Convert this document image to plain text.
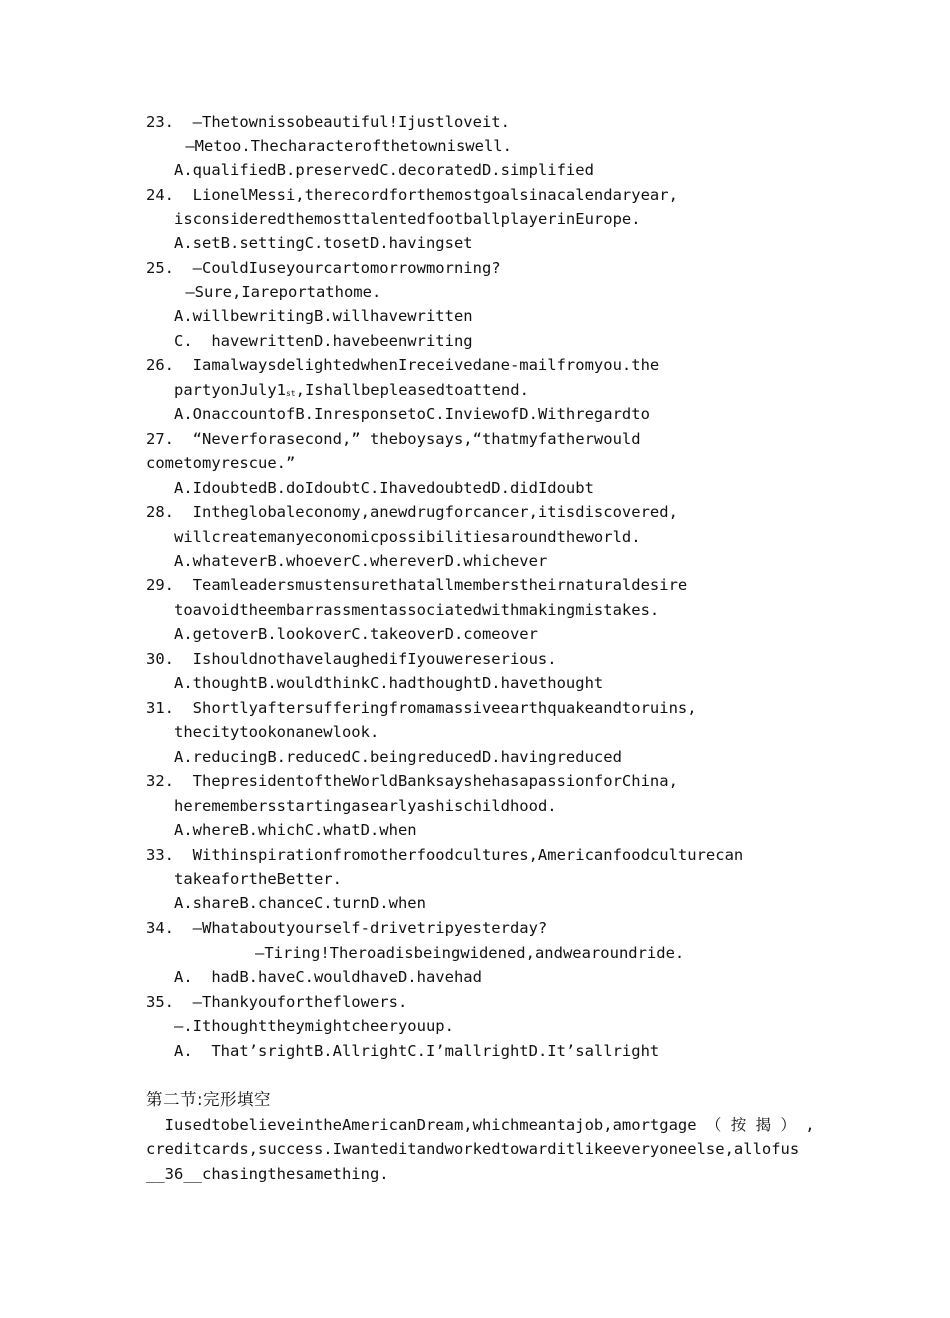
23.  —Thetownissobeautiful!Ijustloveit.
—Metoo.Thecharacterofthetowniswell.
A.qualifiedB.preservedC.decoratedD.simplified
24.  LionelMessi,therecordforthemostgoalsinacalendaryear,
isconsideredthemosttalentedfootballplayerinEurope.
A.setB.settingC.tosetD.havingset
25.  —CouldIuseyourcartomorrowmorning?
—Sure,Iareportathome.
A.willbewritingB.willhavewritten
C.  havewrittenD.havebeenwriting
26.  IamalwaysdelightedwhenIreceivedane-mailfromyou.the
partyonJuly1st,Ishallbepleasedtoattend.
A.OnaccountofB.InresponsetoC.InviewofD.Withregardto
27.  “Neverforasecond,” theboysays,“thatmyfatherwould
cometomyrescue.”
A.IdoubtedB.doIdoubtC.IhavedoubtedD.didIdoubt
28.  Intheglobaleconomy,anewdrugforcancer,itisdiscovered,
willcreatemanyeconomicpossibilitiesaroundtheworld.
A.whateverB.whoeverC.whereverD.whichever
29.  Teamleadersmustensurethatallmemberstheirnaturaldesire
toavoidtheembarrassmentassociatedwithmakingmistakes.
A.getoverB.lookoverC.takeoverD.comeover
30.  IshouldnothavelaughedifIyouwereserious.
A.thoughtB.wouldthinkC.hadthoughtD.havethought
31.  Shortlyaftersufferingfromamassiveearthquakeandtoruins,
thecitytookonanewlook.
A.reducingB.reducedC.beingreducedD.havingreduced
32.  ThepresidentoftheWorldBanksayshehasapassionforChina,
heremembersstartingasearlyashischildhood.
A.whereB.whichC.whatD.when
33.  Withinspirationfromotherfoodcultures,Americanfoodculturecan
takeafortheBetter.
A.shareB.chanceC.turnD.when
34.  —Whataboutyourself-drivetripyesterday?
—Tiring!Theroadisbeingwidened,andwearoundride.
A.  hadB.haveC.wouldhaveD.havehad
35.  —Thankyoufortheflowers.
—.Ithoughttheymightcheeryouup.
A.  That’srightB.AllrightC.I’mallrightD.It’sallright
第二节:完形填空
IusedtobelieveintheAmericanDream,whichmeantajob,amortgage （ 按 揭 ） ,
creditcards,success.Iwanteditandworkedtowarditlikeeveryoneelse,allofus
__36__chasingthesamething.
